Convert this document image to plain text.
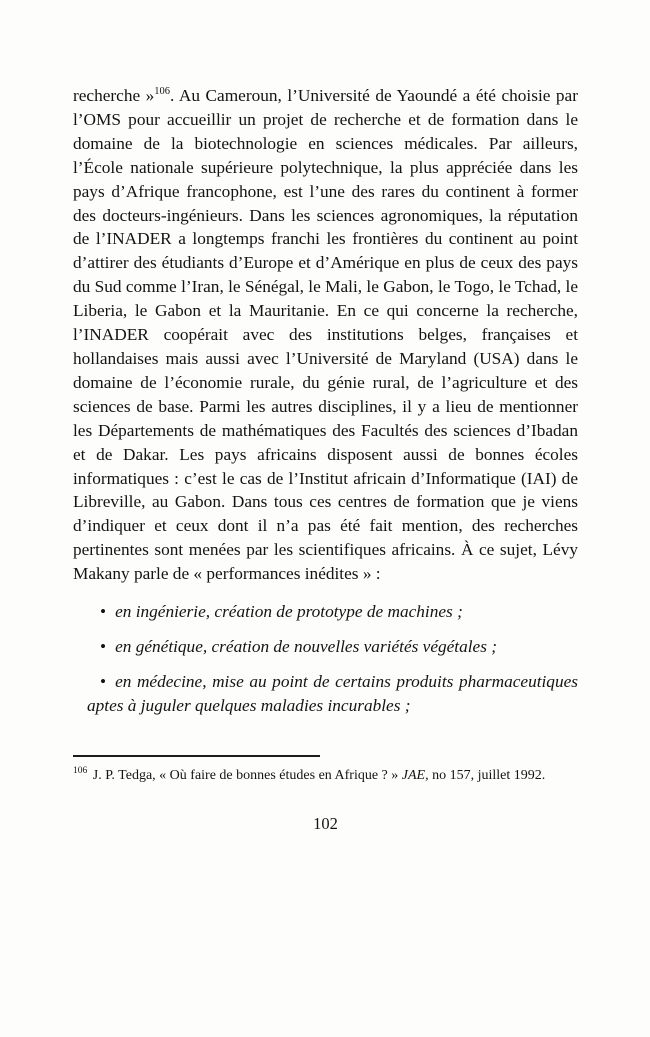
recherche »$^{106}$. Au Cameroun, l’Université de Yaoundé a été choisie par l’OMS pour accueillir un projet de recherche et de formation dans le domaine de la biotechnologie en sciences médicales. Par ailleurs, l’École nationale supérieure polytechnique, la plus appréciée dans les pays d’Afrique francophone, est l’une des rares du continent à former des docteurs-ingénieurs. Dans les sciences agronomiques, la réputation de l’INADER a longtemps franchi les frontières du continent au point d’attirer des étudiants d’Europe et d’Amérique en plus de ceux des pays du Sud comme l’Iran, le Sénégal, le Mali, le Gabon, le Togo, le Tchad, le Liberia, le Gabon et la Mauritanie. En ce qui concerne la recherche, l’INADER coopérait avec des institutions belges, françaises et hollandaises mais aussi avec l’Université de Maryland (USA) dans le domaine de l’économie rurale, du génie rural, de l’agriculture et des sciences de base. Parmi les autres disciplines, il y a lieu de mentionner les Départements de mathématiques des Facultés des sciences d’Ibadan et de Dakar. Les pays africains disposent aussi de bonnes écoles informatiques : c’est le cas de l’Institut africain d’Informatique (IAI) de Libreville, au Gabon. Dans tous ces centres de formation que je viens d’indiquer et ceux dont il n’a pas été fait mention, des recherches pertinentes sont menées par les scientifiques africains. À ce sujet, Lévy Makany parle de « performances inédites » :

• en ingénierie, création de prototype de machines ;

• en génétique, création de nouvelles variétés végétales ;

• en médecine, mise au point de certains produits pharmaceutiques aptes à juguler quelques maladies incurables ;

$^{106}$ J. P. Tedga, « Où faire de bonnes études en Afrique ? » JAE, no 157, juillet 1992.

102
